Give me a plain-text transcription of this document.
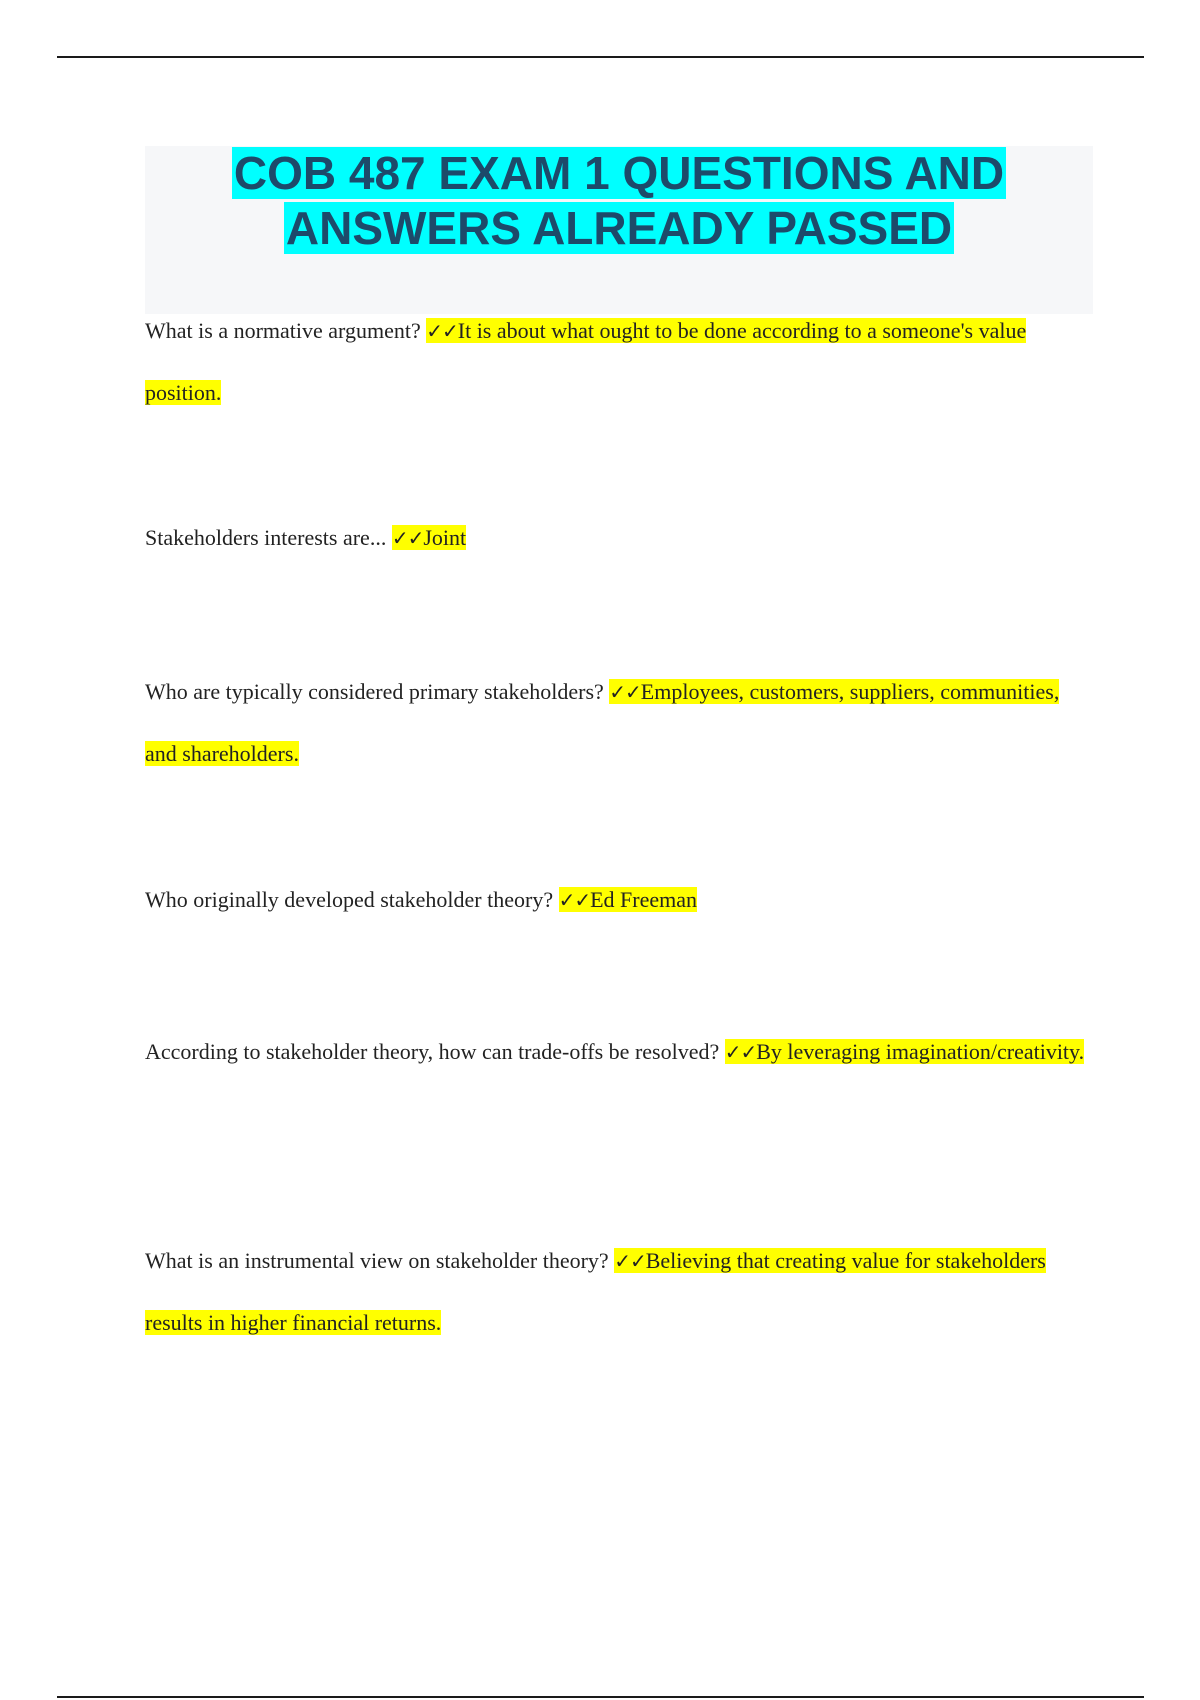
COB 487 EXAM 1 QUESTIONS AND
ANSWERS ALREADY PASSED

What is a normative argument? ✓✓It is about what ought to be done according to a someone's value position.

Stakeholders interests are... ✓✓Joint

Who are typically considered primary stakeholders? ✓✓Employees, customers, suppliers, communities, and shareholders.

Who originally developed stakeholder theory? ✓✓Ed Freeman

According to stakeholder theory, how can trade-offs be resolved? ✓✓By leveraging imagination/creativity.

What is an instrumental view on stakeholder theory? ✓✓Believing that creating value for stakeholders results in higher financial returns.
